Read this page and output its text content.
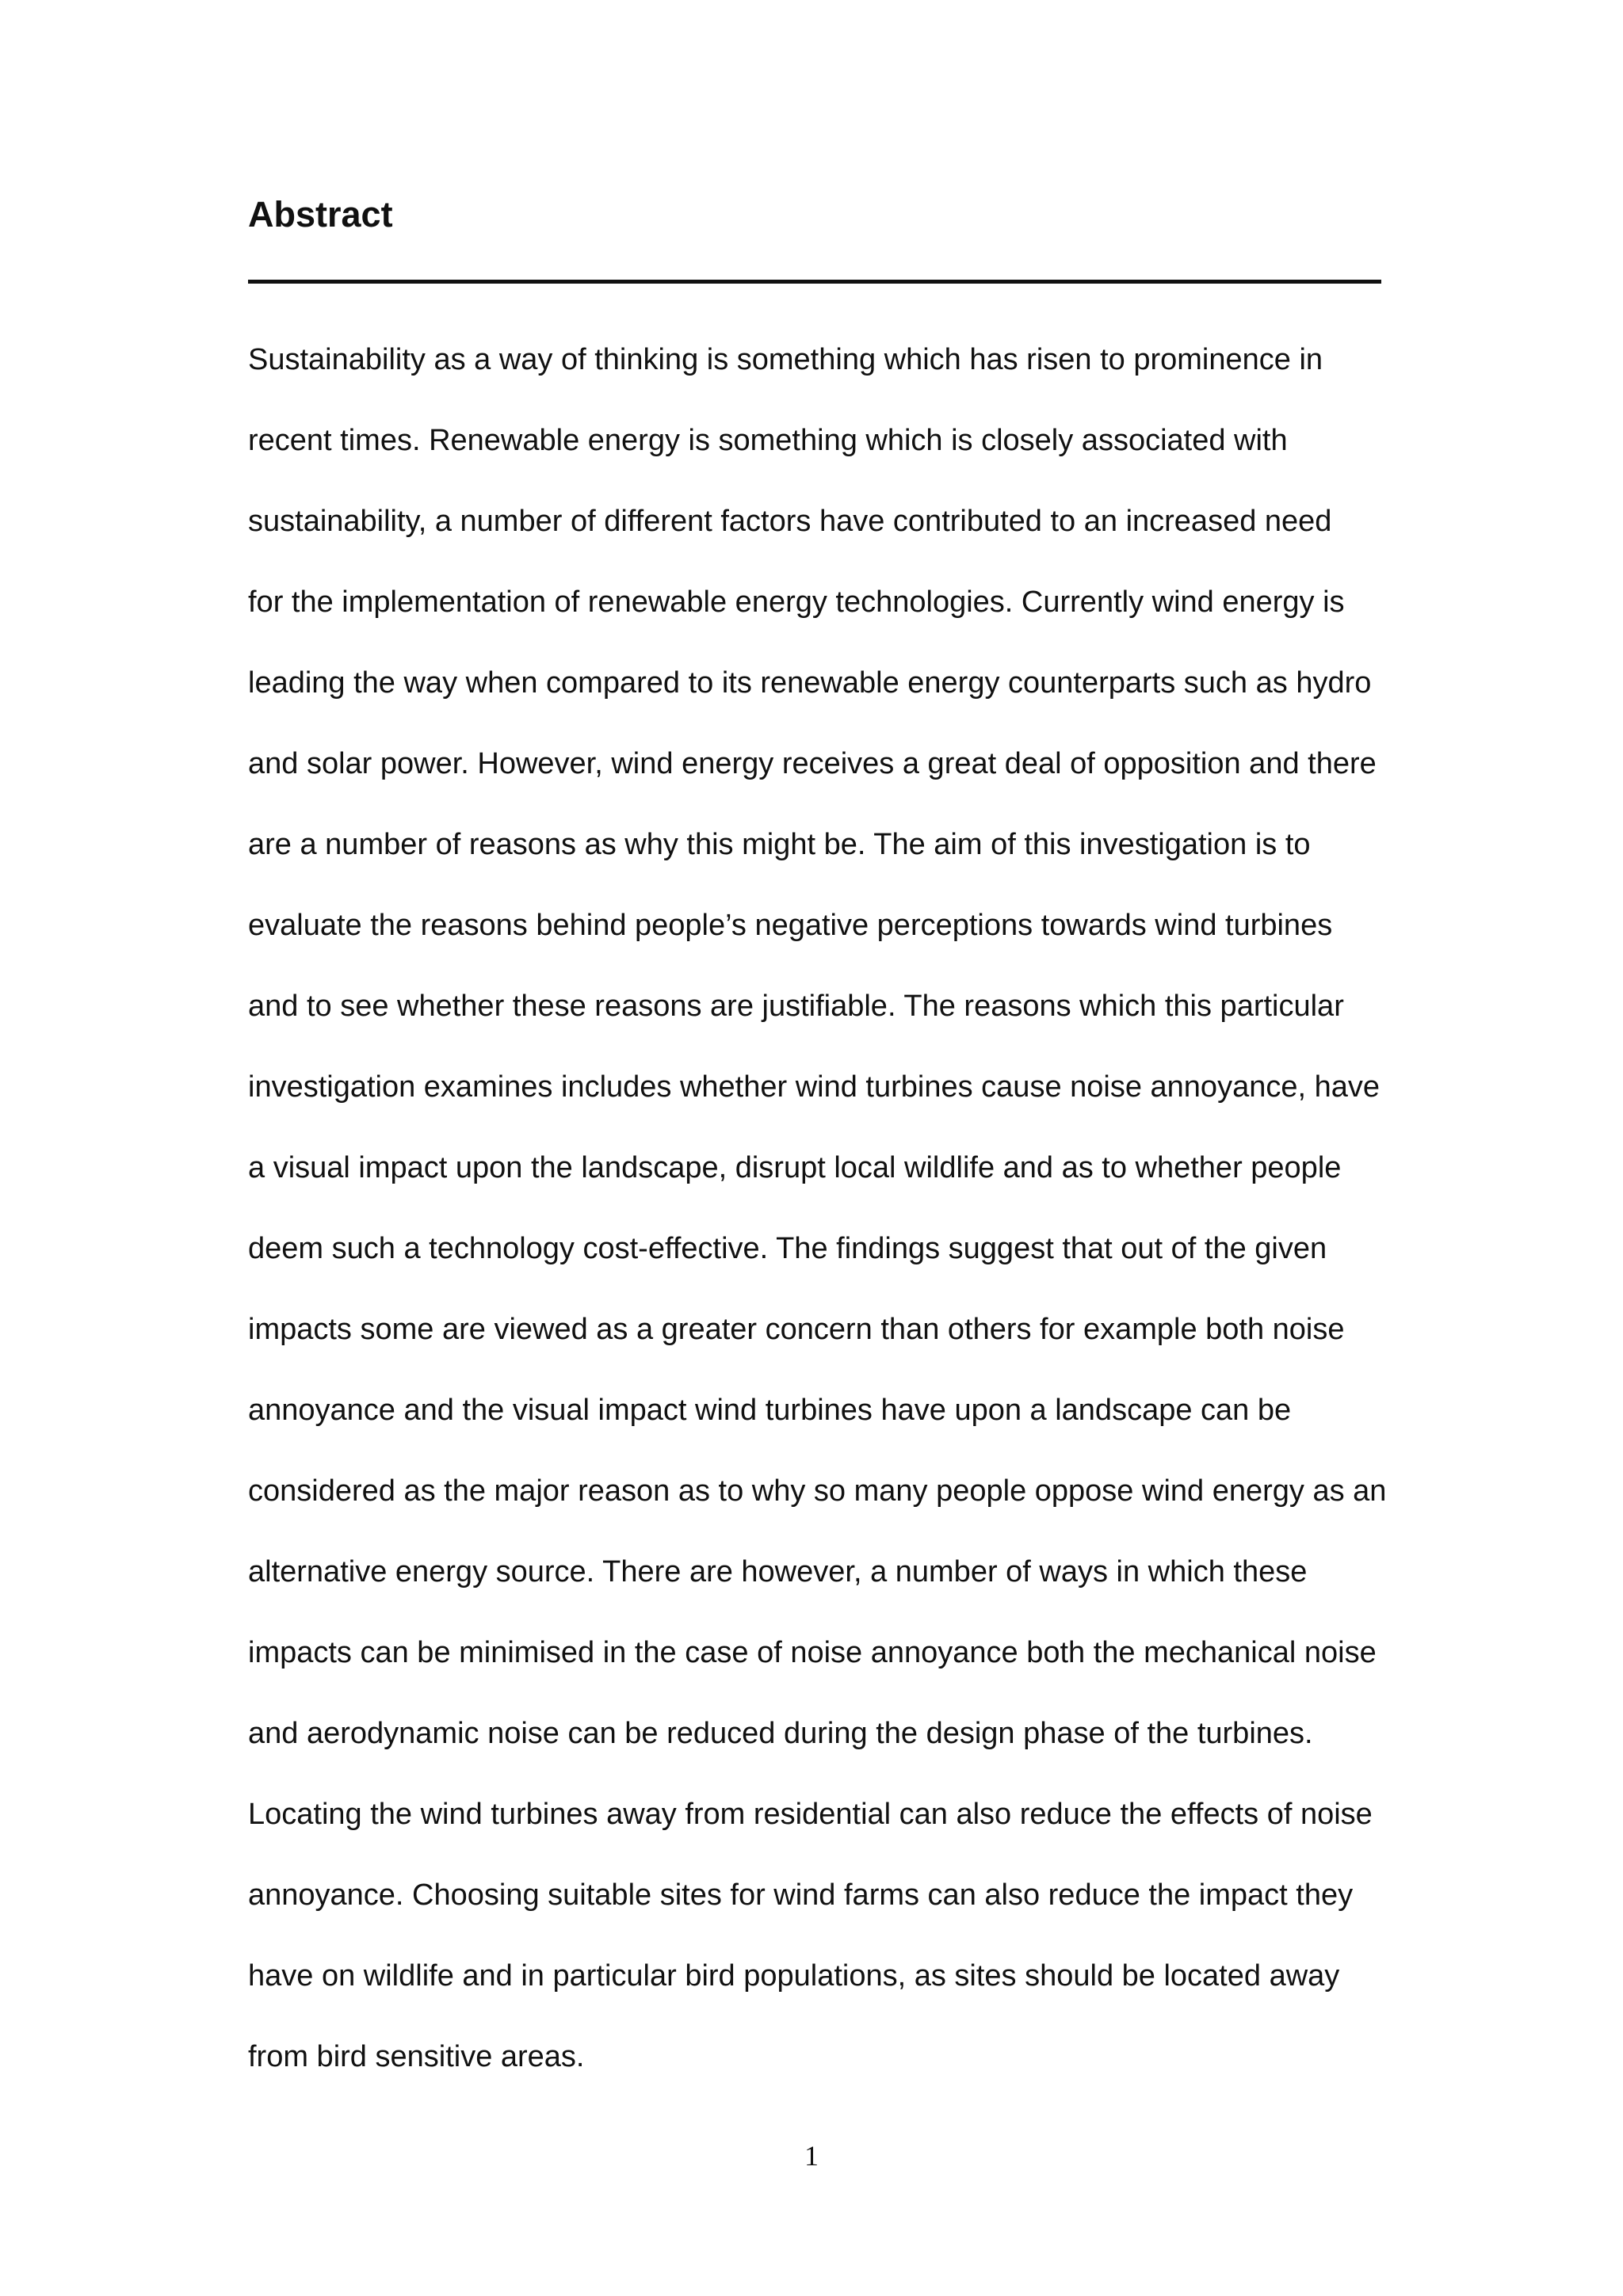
Abstract
Sustainability as a way of thinking is something which has risen to prominence in
recent times. Renewable energy is something which is closely associated with
sustainability, a number of different factors have contributed to an increased need
for the implementation of renewable energy technologies. Currently wind energy is
leading the way when compared to its renewable energy counterparts such as hydro
and solar power. However, wind energy receives a great deal of opposition and there
are a number of reasons as why this might be. The aim of this investigation is to
evaluate the reasons behind people’s negative perceptions towards wind turbines
and to see whether these reasons are justifiable. The reasons which this particular
investigation examines includes whether wind turbines cause noise annoyance, have
a visual impact upon the landscape, disrupt local wildlife and as to whether people
deem such a technology cost-effective. The findings suggest that out of the given
impacts some are viewed as a greater concern than others for example both noise
annoyance and the visual impact wind turbines have upon a landscape can be
considered as the major reason as to why so many people oppose wind energy as an
alternative energy source. There are however, a number of ways in which these
impacts can be minimised in the case of noise annoyance both the mechanical noise
and aerodynamic noise can be reduced during the design phase of the turbines.
Locating the wind turbines away from residential can also reduce the effects of noise
annoyance. Choosing suitable sites for wind farms can also reduce the impact they
have on wildlife and in particular bird populations, as sites should be located away
from bird sensitive areas.
1
